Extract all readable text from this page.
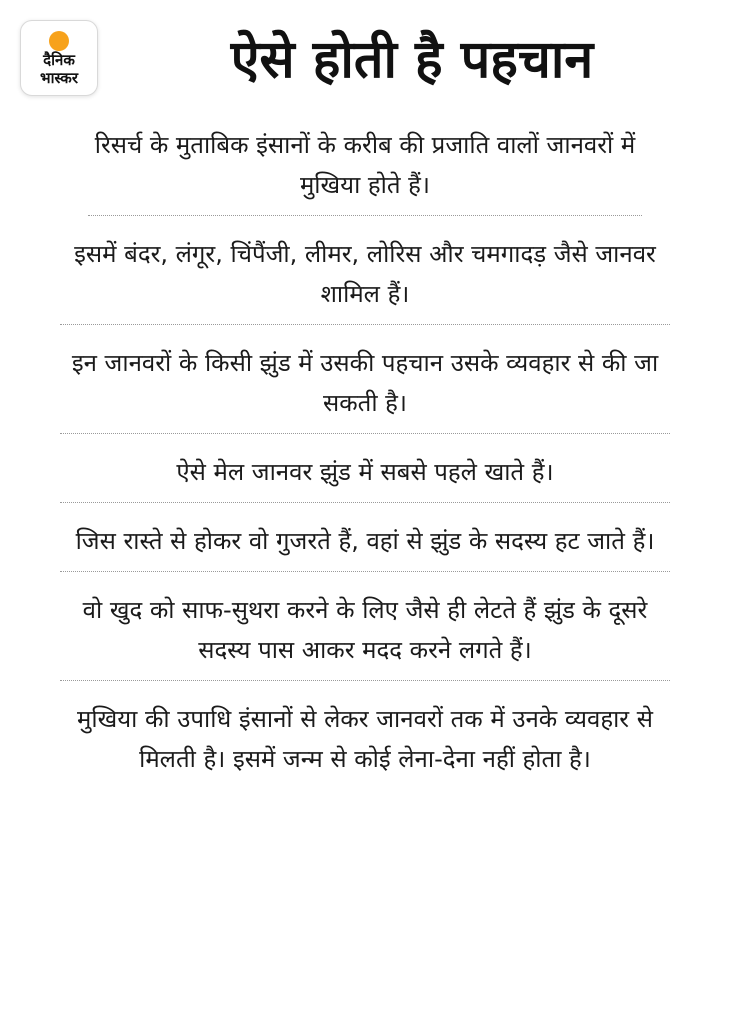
दैनिक
भास्कर	ऐसे होती है पहचान
रिसर्च के मुताबिक इंसानों के करीब की प्रजाति वालों जानवरों में मुखिया होते हैं।
इसमें बंदर, लंगूर, चिंपैंजी, लीमर, लोरिस और चमगादड़ जैसे जानवर शामिल हैं।
इन जानवरों के किसी झुंड में उसकी पहचान उसके व्यवहार से की जा सकती है।
ऐसे मेल जानवर झुंड में सबसे पहले खाते हैं।
जिस रास्ते से होकर वो गुजरते हैं, वहां से झुंड के सदस्य हट जाते हैं।
वो खुद को साफ-सुथरा करने के लिए जैसे ही लेटते हैं झुंड के दूसरे सदस्य पास आकर मदद करने लगते हैं।
मुखिया की उपाधि इंसानों से लेकर जानवरों तक में उनके व्यवहार से मिलती है। इसमें जन्म से कोई लेना-देना नहीं होता है।
